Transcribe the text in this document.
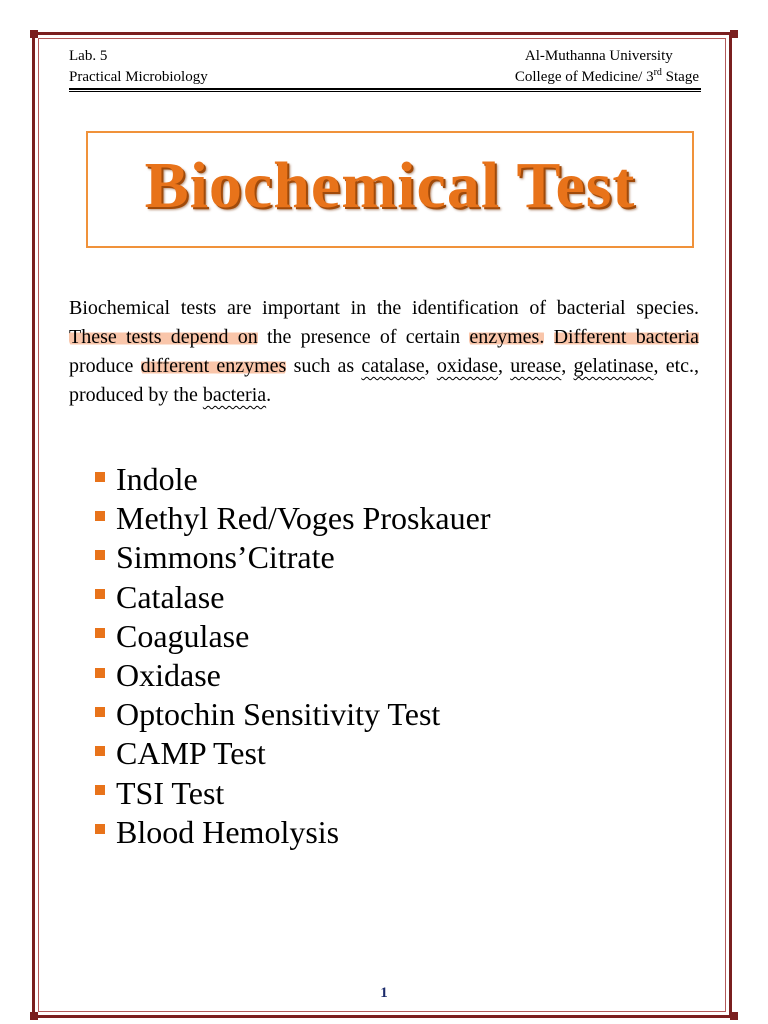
Lab. 5
Practical Microbiology
Al-Muthanna University
College of Medicine/ 3rd Stage
Biochemical Test
Biochemical tests are important in the identification of bacterial species. These tests depend on the presence of certain enzymes. Different bacteria produce different enzymes such as catalase, oxidase, urease, gelatinase, etc., produced by the bacteria.
Indole
Methyl Red/Voges Proskauer
Simmons’Citrate
Catalase
Coagulase
Oxidase
Optochin Sensitivity Test
CAMP Test
TSI Test
Blood Hemolysis
1
